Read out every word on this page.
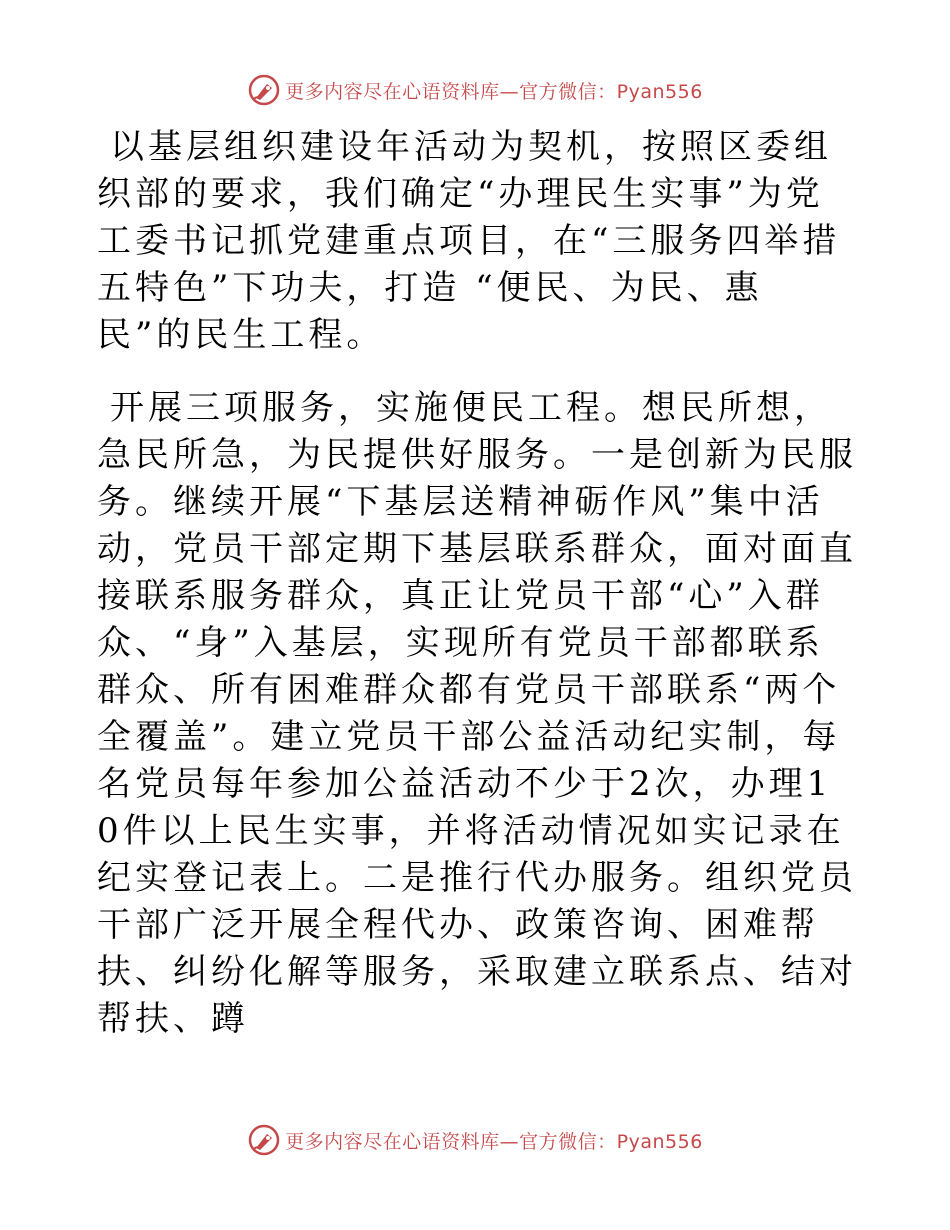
更多内容尽在心语资料库—官方微信：Pyan556

以基层组织建设年活动为契机，按照区委组织部的要求，我们确定“办理民生实事”为党工委书记抓党建重点项目，在“三服务四举措五特色”下功夫，打造 “便民、为民、惠民”的民生工程。

开展三项服务，实施便民工程。想民所想，急民所急，为民提供好服务。一是创新为民服务。继续开展“下基层送精神砺作风”集中活动，党员干部定期下基层联系群众，面对面直接联系服务群众，真正让党员干部“心”入群众、“身”入基层，实现所有党员干部都联系群众、所有困难群众都有党员干部联系“两个全覆盖”。建立党员干部公益活动纪实制，每名党员每年参加公益活动不少于2次，办理10件以上民生实事，并将活动情况如实记录在纪实登记表上。二是推行代办服务。组织党员干部广泛开展全程代办、政策咨询、困难帮扶、纠纷化解等服务，采取建立联系点、结对帮扶、蹲

更多内容尽在心语资料库—官方微信：Pyan556
